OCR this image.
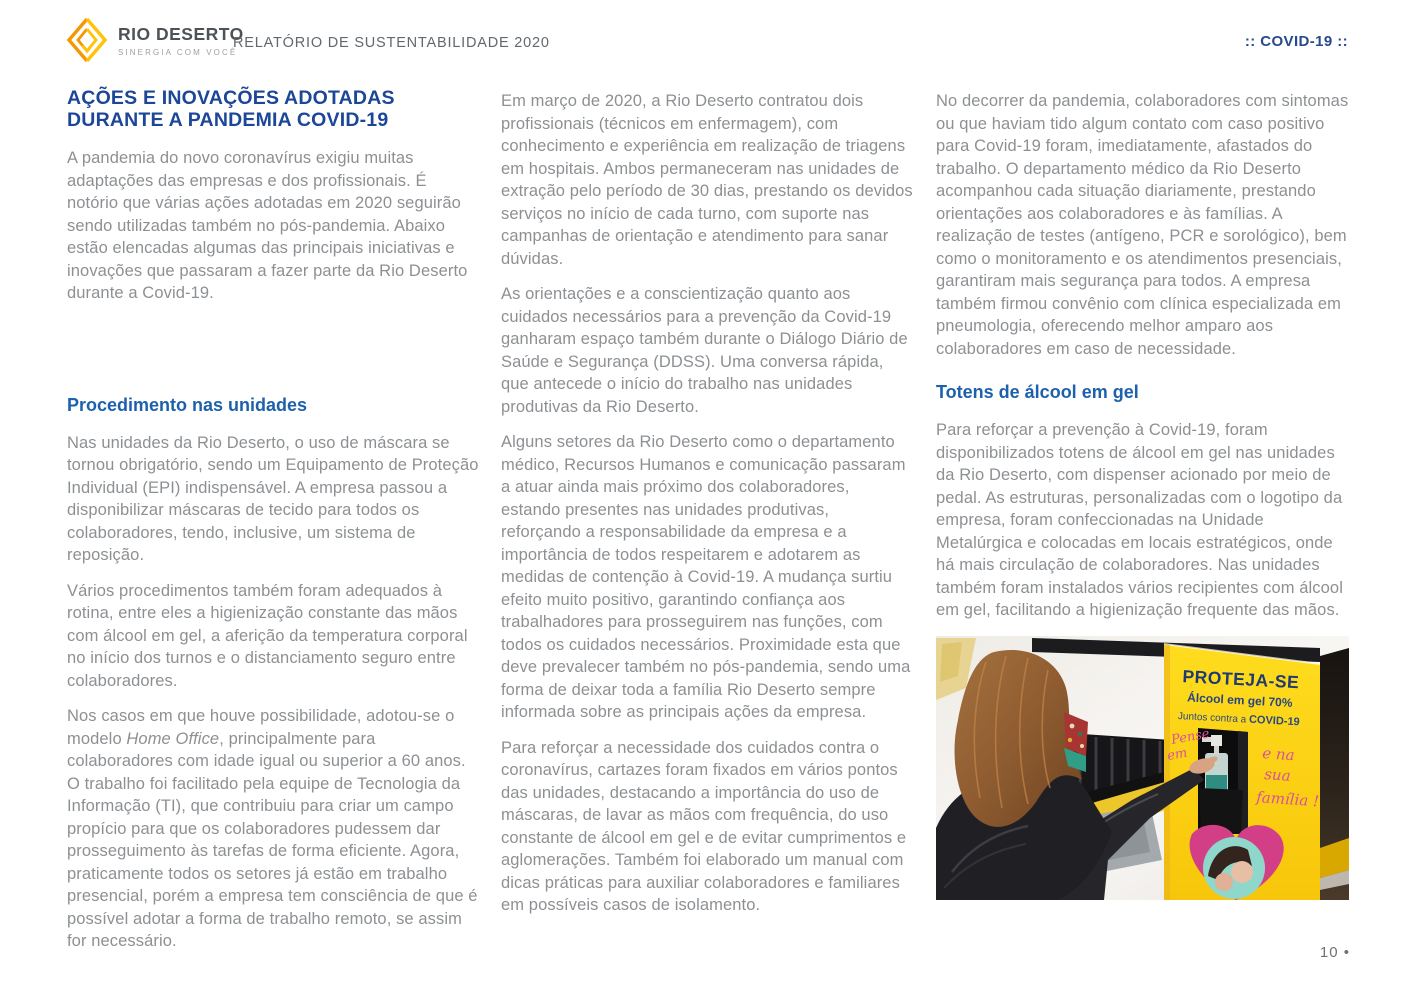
RIO DESERTO
SINERGIA COM VOCÊ
RELATÓRIO DE SUSTENTABILIDADE 2020	:: COVID-19 ::
AÇÕES E INOVAÇÕES ADOTADAS
DURANTE A PANDEMIA COVID-19

A pandemia do novo coronavírus exigiu muitas adaptações das empresas e dos profissionais. É notório que várias ações adotadas em 2020 seguirão sendo utilizadas também no pós-pandemia. Abaixo estão elencadas algumas das principais iniciativas e inovações que passaram a fazer parte da Rio Deserto durante a Covid-19.

Procedimento nas unidades

Nas unidades da Rio Deserto, o uso de máscara se tornou obrigatório, sendo um Equipamento de Proteção Individual (EPI) indispensável. A empresa passou a disponibilizar máscaras de tecido para todos os colaboradores, tendo, inclusive, um sistema de reposição.

Vários procedimentos também foram adequados à rotina, entre eles a higienização constante das mãos com álcool em gel, a aferição da temperatura corporal no início dos turnos e o distanciamento seguro entre colaboradores.

Nos casos em que houve possibilidade, adotou-se o modelo Home Office, principalmente para colaboradores com idade igual ou superior a 60 anos. O trabalho foi facilitado pela equipe de Tecnologia da Informação (TI), que contribuiu para criar um campo propício para que os colaboradores pudessem dar prosseguimento às tarefas de forma eficiente. Agora, praticamente todos os setores já estão em trabalho presencial, porém a empresa tem consciência de que é possível adotar a forma de trabalho remoto, se assim for necessário.

Em março de 2020, a Rio Deserto contratou dois profissionais (técnicos em enfermagem), com conhecimento e experiência em realização de triagens em hospitais. Ambos permaneceram nas unidades de extração pelo período de 30 dias, prestando os devidos serviços no início de cada turno, com suporte nas campanhas de orientação e atendimento para sanar dúvidas.

As orientações e a conscientização quanto aos cuidados necessários para a prevenção da Covid-19 ganharam espaço também durante o Diálogo Diário de Saúde e Segurança (DDSS). Uma conversa rápida, que antecede o início do trabalho nas unidades produtivas da Rio Deserto.

Alguns setores da Rio Deserto como o departamento médico, Recursos Humanos e comunicação passaram a atuar ainda mais próximo dos colaboradores, estando presentes nas unidades produtivas, reforçando a responsabilidade da empresa e a importância de todos respeitarem e adotarem as medidas de contenção à Covid-19. A mudança surtiu efeito muito positivo, garantindo confiança aos trabalhadores para prosseguirem nas funções, com todos os cuidados necessários. Proximidade esta que deve prevalecer também no pós-pandemia, sendo uma forma de deixar toda a família Rio Deserto sempre informada sobre as principais ações da empresa.

Para reforçar a necessidade dos cuidados contra o coronavírus, cartazes foram fixados em vários pontos das unidades, destacando a importância do uso de máscaras, de lavar as mãos com frequência, do uso constante de álcool em gel e de evitar cumprimentos e aglomerações. Também foi elaborado um manual com dicas práticas para auxiliar colaboradores e familiares em possíveis casos de isolamento.

No decorrer da pandemia, colaboradores com sintomas ou que haviam tido algum contato com caso positivo para Covid-19 foram, imediatamente, afastados do trabalho. O departamento médico da Rio Deserto acompanhou cada situação diariamente, prestando orientações aos colaboradores e às famílias. A realização de testes (antígeno, PCR e sorológico), bem como o monitoramento e os atendimentos presenciais, garantiram mais segurança para todos. A empresa também firmou convênio com clínica especializada em pneumologia, oferecendo melhor amparo aos colaboradores em caso de necessidade.

Totens de álcool em gel

Para reforçar a prevenção à Covid-19, foram disponibilizados totens de álcool em gel nas unidades da Rio Deserto, com dispenser acionado por meio de pedal. As estruturas, personalizadas com o logotipo da empresa, foram confeccionadas na Unidade Metalúrgica e colocadas em locais estratégicos, onde há mais circulação de colaboradores. Nas unidades também foram instalados vários recipientes com álcool em gel, facilitando a higienização frequente das mãos.

PROTEJA-SE
Álcool em gel 70%
Juntos contra a COVID-19
Pense
em	e na
sua
família !
10 •
